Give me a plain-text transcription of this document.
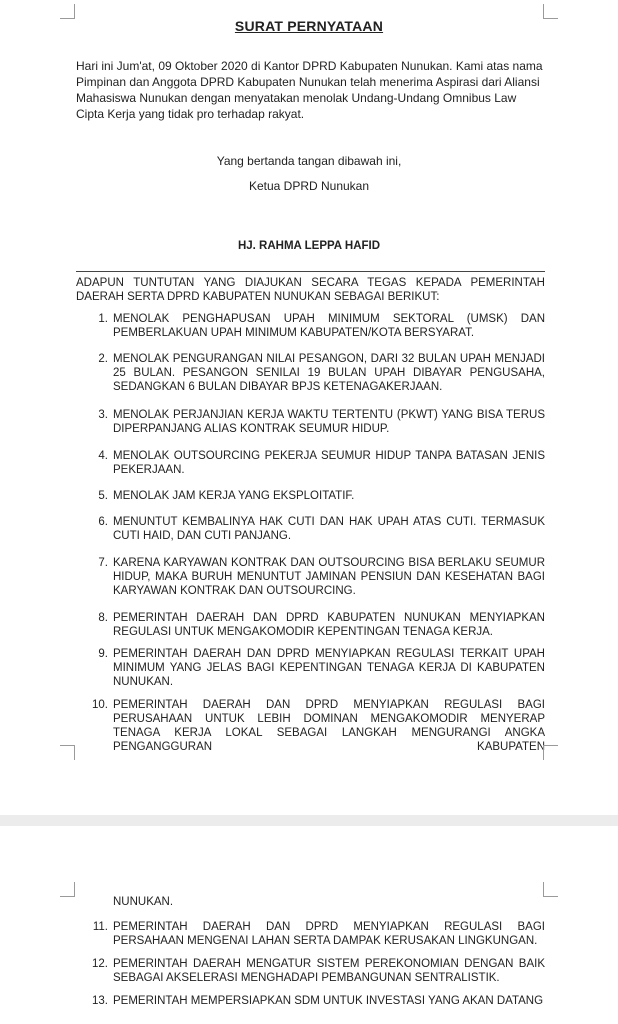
SURAT PERNYATAAN

Hari ini Jum'at, 09 Oktober 2020 di Kantor DPRD Kabupaten Nunukan. Kami atas nama Pimpinan dan Anggota DPRD Kabupaten Nunukan telah menerima Aspirasi dari Aliansi Mahasiswa Nunukan dengan menyatakan menolak Undang-Undang Omnibus Law Cipta Kerja yang tidak pro terhadap rakyat.

Yang bertanda tangan dibawah ini,

Ketua DPRD Nunukan

HJ. RAHMA LEPPA HAFID

ADAPUN TUNTUTAN YANG DIAJUKAN SECARA TEGAS KEPADA PEMERINTAH DAERAH SERTA DPRD KABUPATEN NUNUKAN SEBAGAI BERIKUT:

1. MENOLAK PENGHAPUSAN UPAH MINIMUM SEKTORAL (UMSK) DAN PEMBERLAKUAN UPAH MINIMUM KABUPATEN/KOTA BERSYARAT.
2. MENOLAK PENGURANGAN NILAI PESANGON, DARI 32 BULAN UPAH MENJADI 25 BULAN. PESANGON SENILAI 19 BULAN UPAH DIBAYAR PENGUSAHA, SEDANGKAN 6 BULAN DIBAYAR BPJS KETENAGAKERJAAN.
3. MENOLAK PERJANJIAN KERJA WAKTU TERTENTU (PKWT) YANG BISA TERUS DIPERPANJANG ALIAS KONTRAK SEUMUR HIDUP.
4. MENOLAK OUTSOURCING PEKERJA SEUMUR HIDUP TANPA BATASAN JENIS PEKERJAAN.
5. MENOLAK JAM KERJA YANG EKSPLOITATIF.
6. MENUNTUT KEMBALINYA HAK CUTI DAN HAK UPAH ATAS CUTI. TERMASUK CUTI HAID, DAN CUTI PANJANG.
7. KARENA KARYAWAN KONTRAK DAN OUTSOURCING BISA BERLAKU SEUMUR HIDUP, MAKA BURUH MENUNTUT JAMINAN PENSIUN DAN KESEHATAN BAGI KARYAWAN KONTRAK DAN OUTSOURCING.
8. PEMERINTAH DAERAH DAN DPRD KABUPATEN NUNUKAN MENYIAPKAN REGULASI UNTUK MENGAKOMODIR KEPENTINGAN TENAGA KERJA.
9. PEMERINTAH DAERAH DAN DPRD MENYIAPKAN REGULASI TERKAIT UPAH MINIMUM YANG JELAS BAGI KEPENTINGAN TENAGA KERJA DI KABUPATEN NUNUKAN.
10. PEMERINTAH DAERAH DAN DPRD MENYIAPKAN REGULASI BAGI PERUSAHAAN UNTUK LEBIH DOMINAN MENGAKOMODIR MENYERAP TENAGA KERJA LOKAL SEBAGAI LANGKAH MENGURANGI ANGKA PENGANGGURAN KABUPATEN

NUNUKAN.

11. PEMERINTAH DAERAH DAN DPRD MENYIAPKAN REGULASI BAGI PERSAHAAN MENGENAI LAHAN SERTA DAMPAK KERUSAKAN LINGKUNGAN.
12. PEMERINTAH DAERAH MENGATUR SISTEM PEREKONOMIAN DENGAN BAIK SEBAGAI AKSELERASI MENGHADAPI PEMBANGUNAN SENTRALISTIK.
13. PEMERINTAH MEMPERSIAPKAN SDM UNTUK INVESTASI YANG AKAN DATANG
